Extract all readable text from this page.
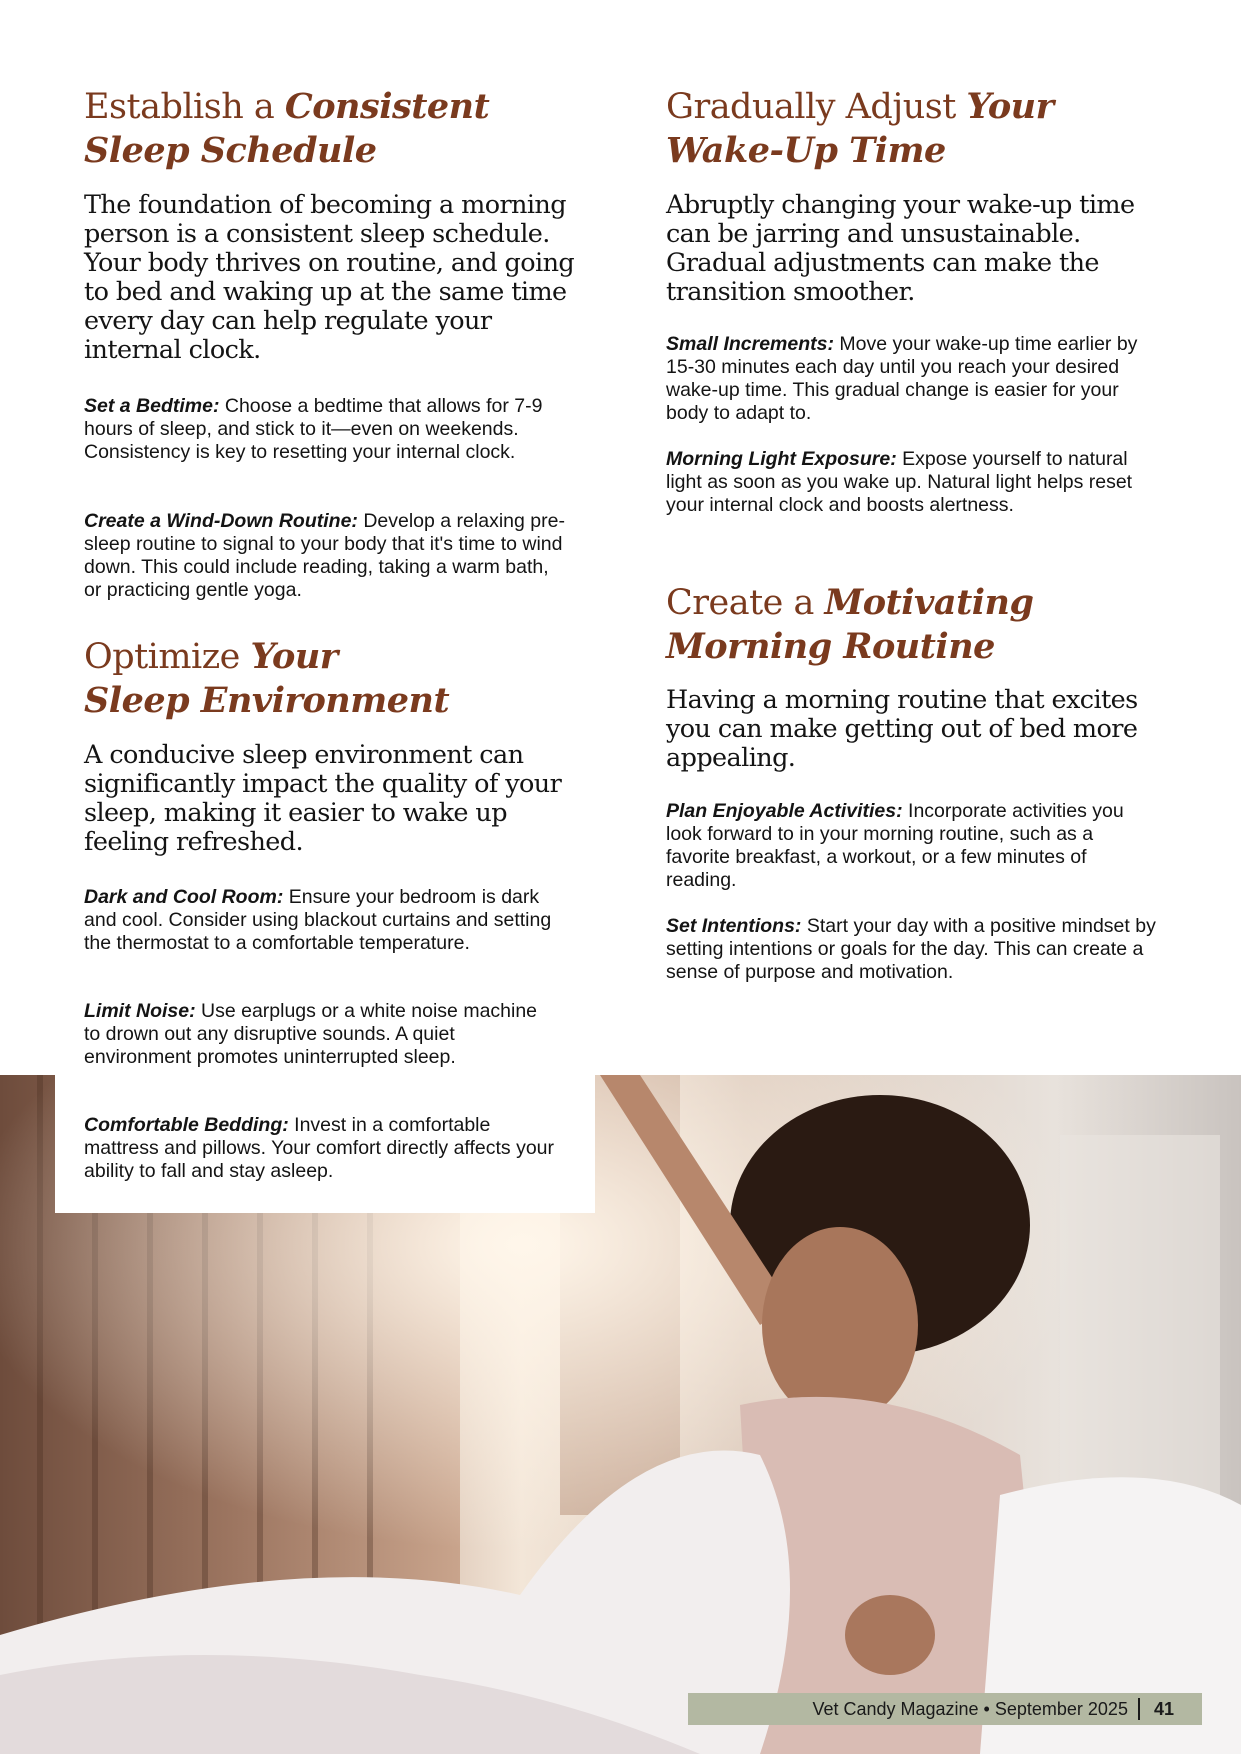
Establish a Consistent
Sleep Schedule

The foundation of becoming a morning person is a consistent sleep schedule. Your body thrives on routine, and going to bed and waking up at the same time every day can help regulate your internal clock.

Set a Bedtime: Choose a bedtime that allows for 7-9 hours of sleep, and stick to it—even on weekends. Consistency is key to resetting your internal clock.

Create a Wind-Down Routine: Develop a relaxing pre-sleep routine to signal to your body that it's time to wind down. This could include reading, taking a warm bath, or practicing gentle yoga.

Optimize Your
Sleep Environment

A conducive sleep environment can significantly impact the quality of your sleep, making it easier to wake up feeling refreshed.

Dark and Cool Room: Ensure your bedroom is dark and cool. Consider using blackout curtains and setting the thermostat to a comfortable temperature.

Limit Noise: Use earplugs or a white noise machine to drown out any disruptive sounds. A quiet environment promotes uninterrupted sleep.

Comfortable Bedding: Invest in a comfortable mattress and pillows. Your comfort directly affects your ability to fall and stay asleep.

Gradually Adjust Your
Wake-Up Time

Abruptly changing your wake-up time can be jarring and unsustainable. Gradual adjustments can make the transition smoother.

Small Increments: Move your wake-up time earlier by 15-30 minutes each day until you reach your desired wake-up time. This gradual change is easier for your body to adapt to.

Morning Light Exposure: Expose yourself to natural light as soon as you wake up. Natural light helps reset your internal clock and boosts alertness.

Create a Motivating
Morning Routine

Having a morning routine that excites you can make getting out of bed more appealing.

Plan Enjoyable Activities: Incorporate activities you look forward to in your morning routine, such as a favorite breakfast, a workout, or a few minutes of reading.

Set Intentions: Start your day with a positive mindset by setting intentions or goals for the day. This can create a sense of purpose and motivation.

Vet Candy Magazine • September 2025	41
